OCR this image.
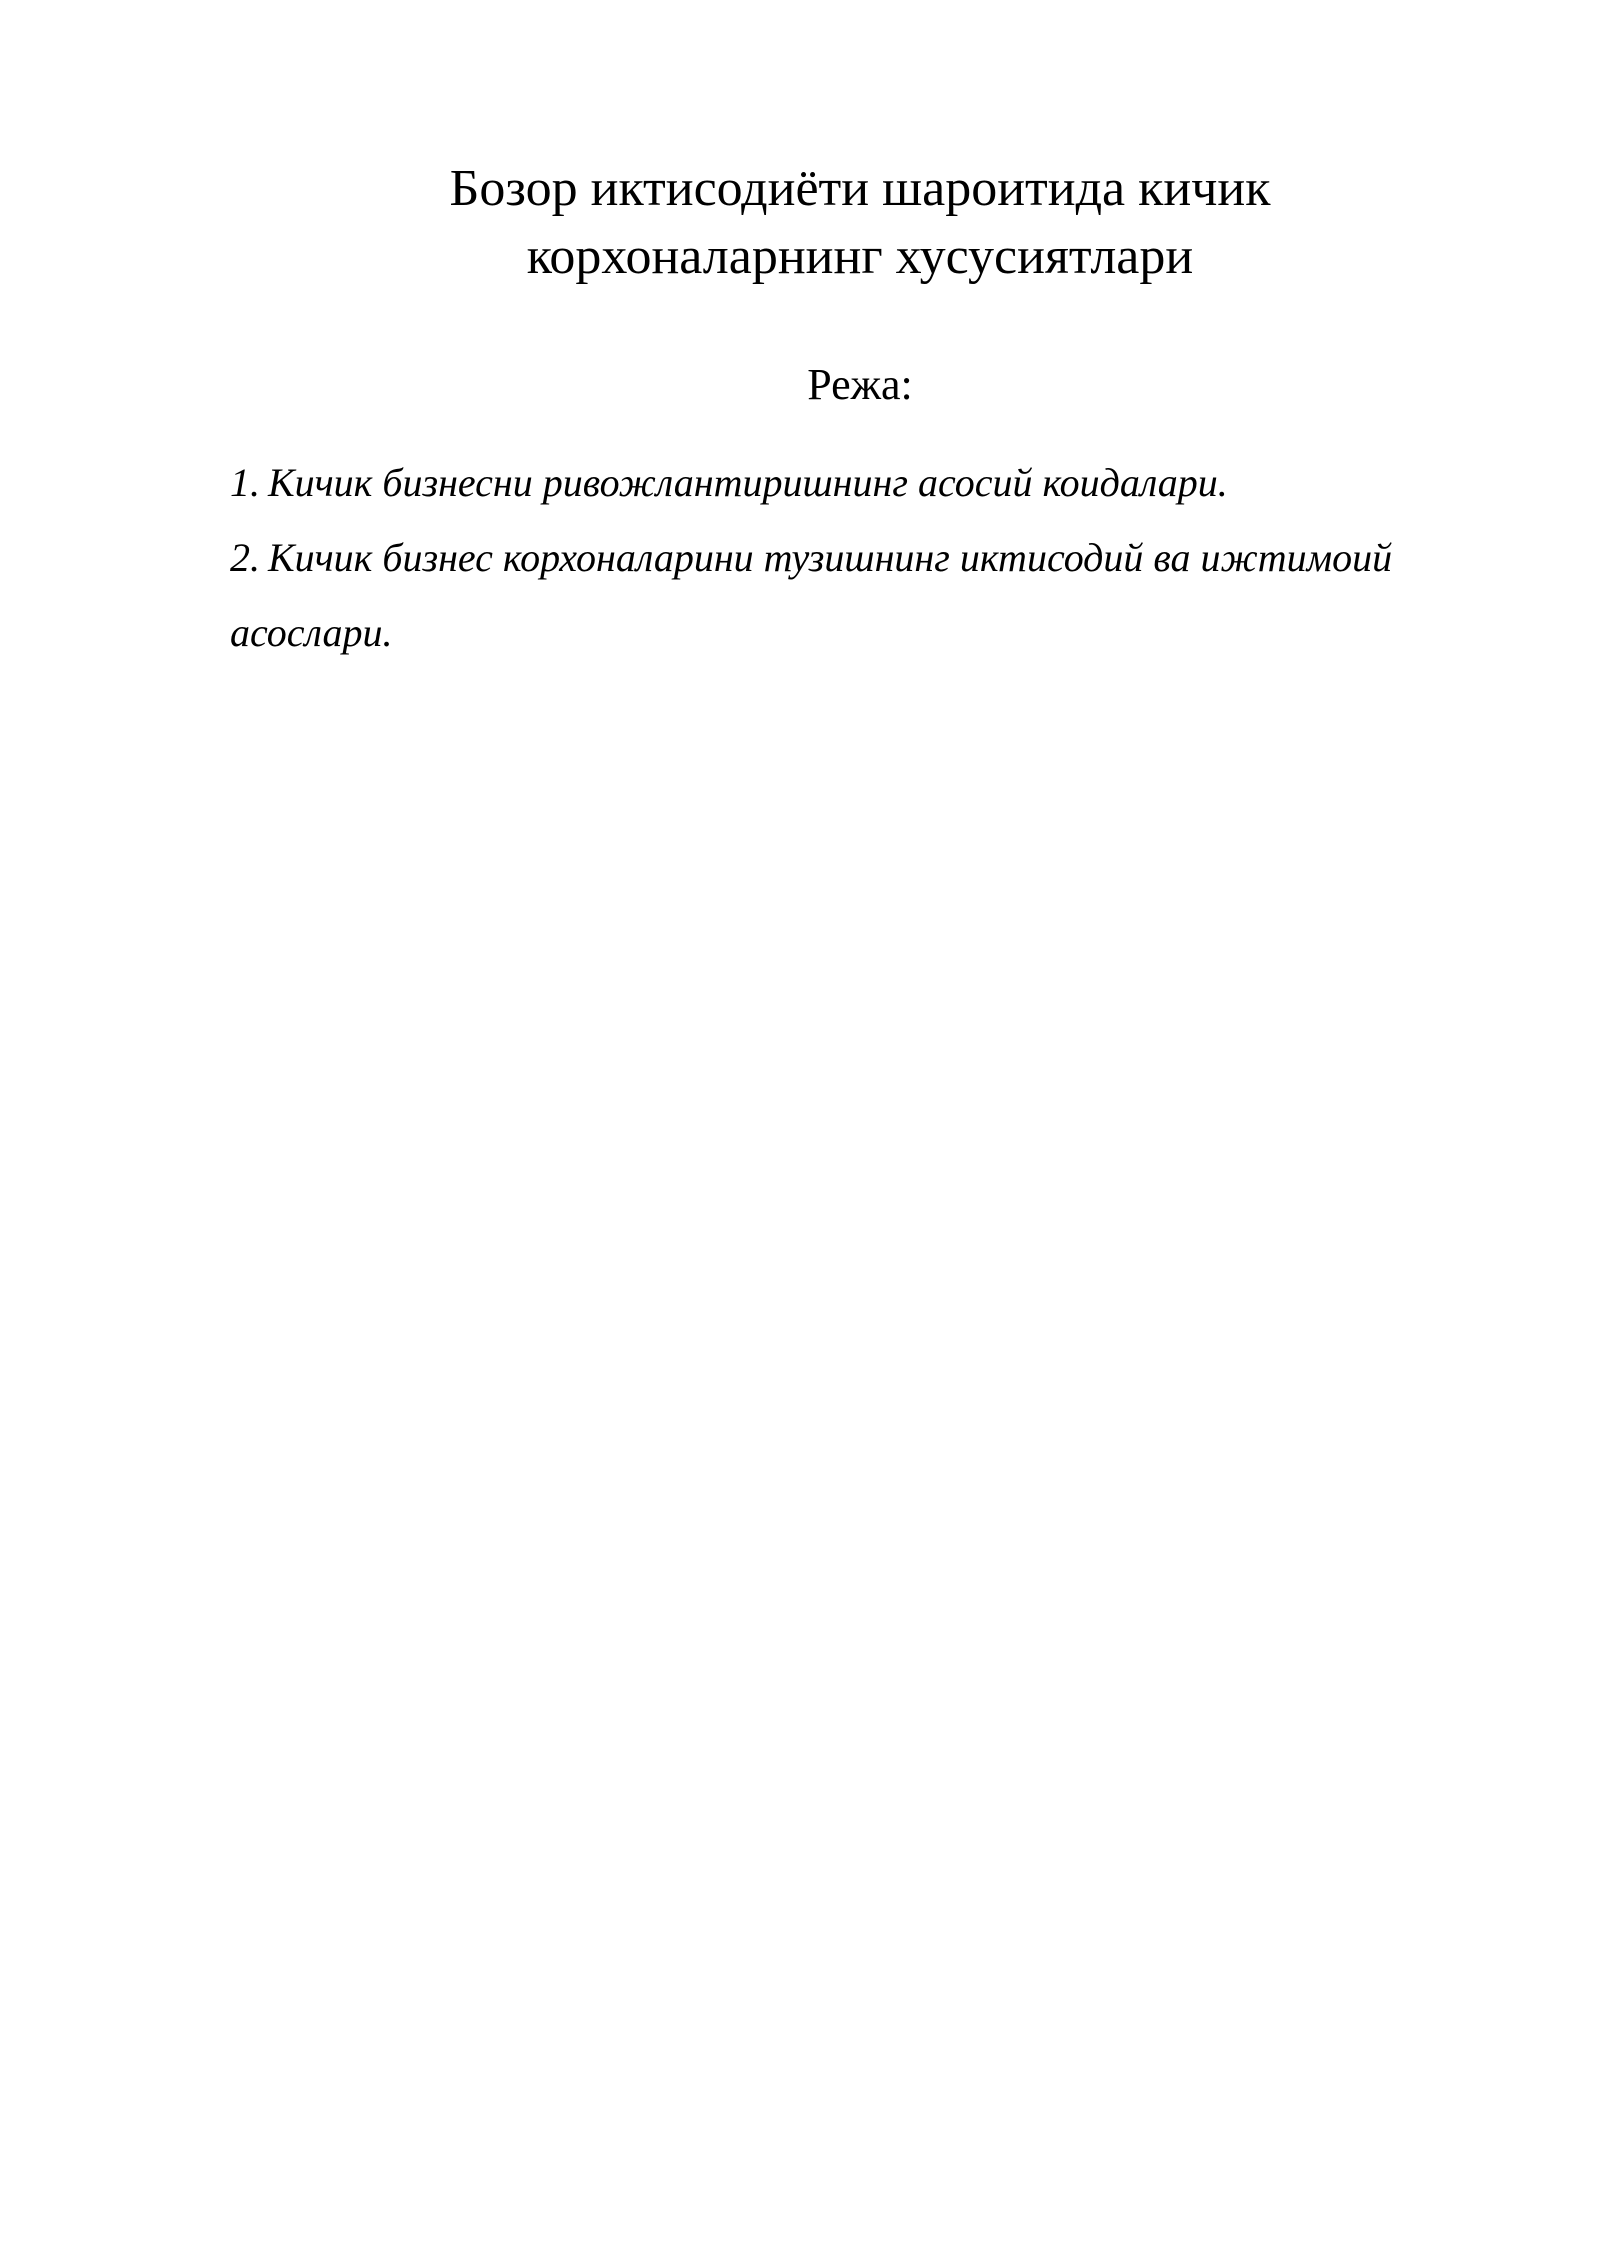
Бозор иктисодиёти шароитида кичик
корхоналарнинг хусусиятлари
Режа:
1. Кичик бизнесни ривожлантиришнинг асосий коидалари.
2. Кичик бизнес корхоналарини тузишнинг иктисодий ва ижтимоий асослари.
